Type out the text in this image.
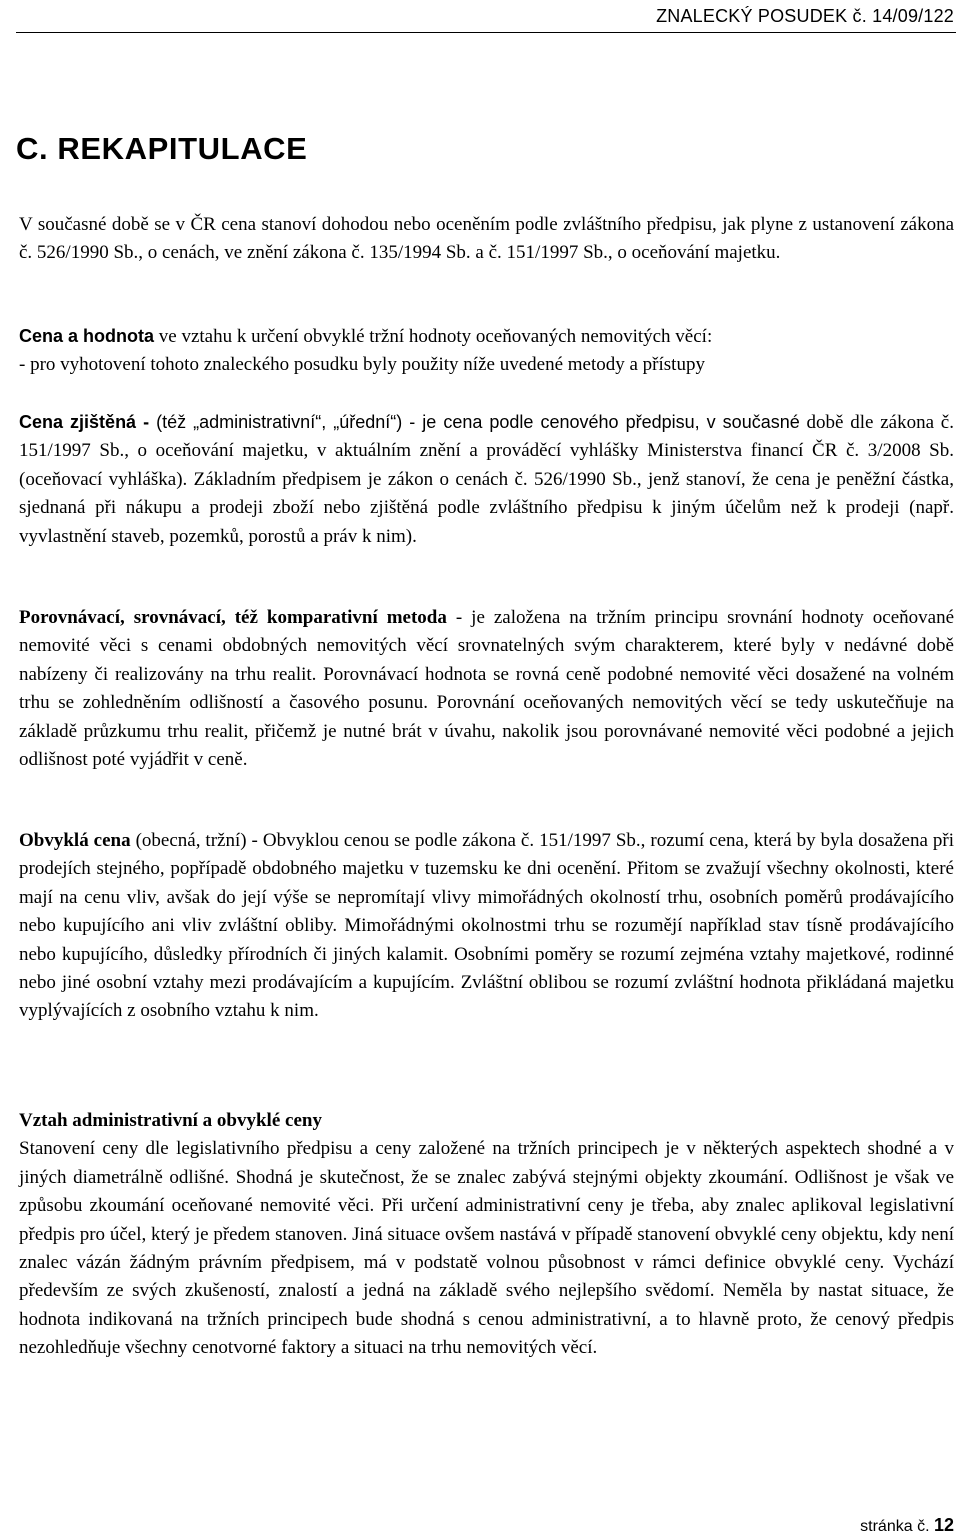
ZNALECKÝ POSUDEK č. 14/09/122
C. REKAPITULACE
V současné době se v ČR cena stanoví dohodou nebo oceněním podle zvláštního předpisu, jak plyne z ustanovení zákona č. 526/1990 Sb., o cenách, ve znění zákona č. 135/1994 Sb. a č. 151/1997 Sb., o oceňování majetku.
Cena a hodnota ve vztahu k určení obvyklé tržní hodnoty oceňovaných nemovitých věcí:
- pro vyhotovení tohoto znaleckého posudku byly použity níže uvedené metody a přístupy
Cena zjištěná - (též „administrativní“, „úřední“) - je cena podle cenového předpisu, v současné době dle zákona č. 151/1997 Sb., o oceňování majetku, v aktuálním znění a prováděcí vyhlášky Ministerstva financí ČR č. 3/2008 Sb. (oceňovací vyhláška). Základním předpisem je zákon o cenách č. 526/1990 Sb., jenž stanoví, že cena je peněžní částka, sjednaná při nákupu a prodeji zboží nebo zjištěná podle zvláštního předpisu k jiným účelům než k prodeji (např. vyvlastnění staveb, pozemků, porostů a práv k nim).
Porovnávací, srovnávací, též komparativní metoda - je založena na tržním principu srovnání hodnoty oceňované nemovité věci s cenami obdobných nemovitých věcí srovnatelných svým charakterem, které byly v nedávné době nabízeny či realizovány na trhu realit. Porovnávací hodnota se rovná ceně podobné nemovité věci dosažené na volném trhu se zohledněním odlišností a časového posunu. Porovnání oceňovaných nemovitých věcí se tedy uskutečňuje na základě průzkumu trhu realit, přičemž je nutné brát v úvahu, nakolik jsou porovnávané nemovité věci podobné a jejich odlišnost poté vyjádřit v ceně.
Obvyklá cena (obecná, tržní) - Obvyklou cenou se podle zákona č. 151/1997 Sb., rozumí cena, která by byla dosažena při prodejích stejného, popřípadě obdobného majetku v tuzemsku ke dni ocenění. Přitom se zvažují všechny okolnosti, které mají na cenu vliv, avšak do její výše se nepromítají vlivy mimořádných okolností trhu, osobních poměrů prodávajícího nebo kupujícího ani vliv zvláštní obliby. Mimořádnými okolnostmi trhu se rozumějí například stav tísně prodávajícího nebo kupujícího, důsledky přírodních či jiných kalamit. Osobními poměry se rozumí zejména vztahy majetkové, rodinné nebo jiné osobní vztahy mezi prodávajícím a kupujícím. Zvláštní oblibou se rozumí zvláštní hodnota přikládaná majetku vyplývajících z osobního vztahu k nim.
Vztah administrativní a obvyklé ceny
Stanovení ceny dle legislativního předpisu a ceny založené na tržních principech je v některých aspektech shodné a v jiných diametrálně odlišné. Shodná je skutečnost, že se znalec zabývá stejnými objekty zkoumání. Odlišnost je však ve způsobu zkoumání oceňované nemovité věci. Při určení administrativní ceny je třeba, aby znalec aplikoval legislativní předpis pro účel, který je předem stanoven. Jiná situace ovšem nastává v případě stanovení obvyklé ceny objektu, kdy není znalec vázán žádným právním předpisem, má v podstatě volnou působnost v rámci definice obvyklé ceny. Vychází především ze svých zkušeností, znalostí a jedná na základě svého nejlepšího svědomí. Neměla by nastat situace, že hodnota indikovaná na tržních principech bude shodná s cenou administrativní, a to hlavně proto, že cenový předpis nezohledňuje všechny cenotvorné faktory a situaci na trhu nemovitých věcí.
stránka č. 12
